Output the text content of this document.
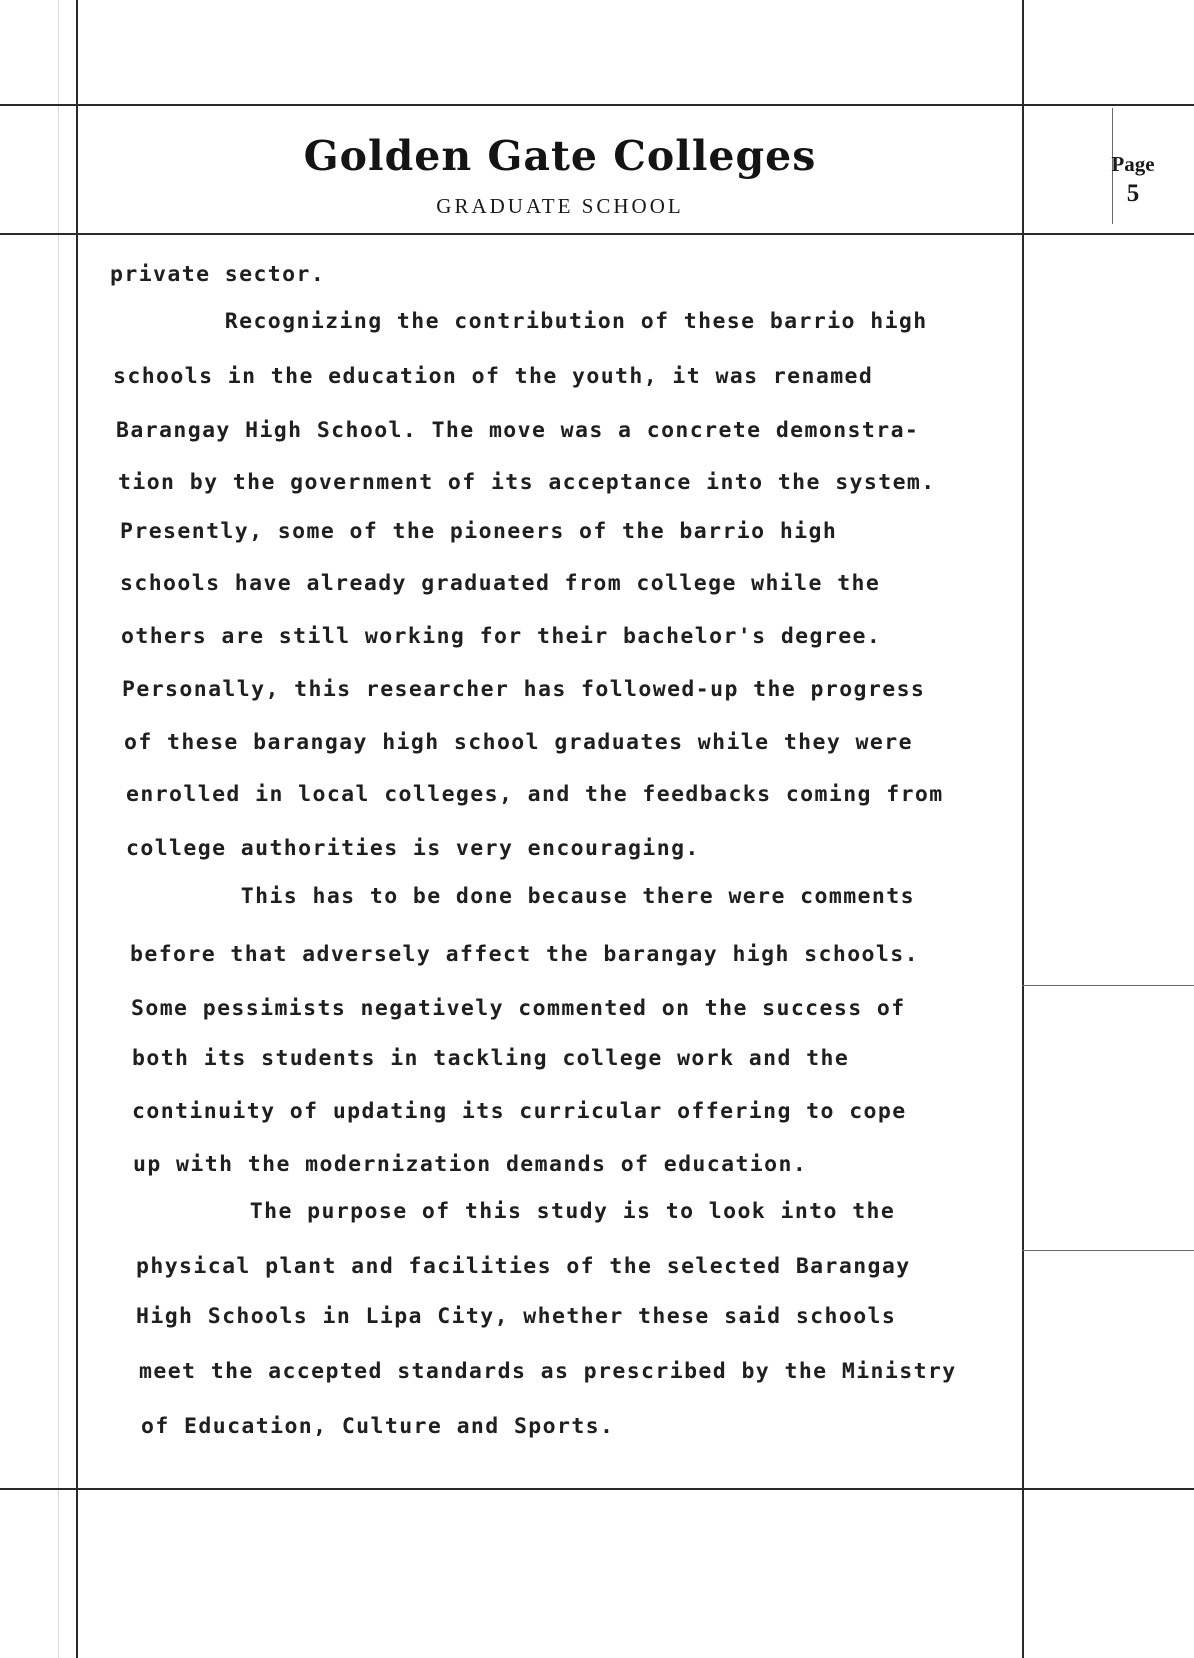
Golden Gate Colleges
GRADUATE SCHOOL
Page
5
private sector.
Recognizing the contribution of these barrio high
schools in the education of the youth, it was renamed
Barangay High School. The move was a concrete demonstra-
tion by the government of its acceptance into the system.
Presently, some of the pioneers of the barrio high
schools have already graduated from college while the
others are still working for their bachelor's degree.
Personally, this researcher has followed-up the progress
of these barangay high school graduates while they were
enrolled in local colleges, and the feedbacks coming from
college authorities is very encouraging.
This has to be done because there were comments
before that adversely affect the barangay high schools.
Some pessimists negatively commented on the success of
both its students in tackling college work and the
continuity of updating its curricular offering to cope
up with the modernization demands of education.
The purpose of this study is to look into the
physical plant and facilities of the selected Barangay
High Schools in Lipa City, whether these said schools
meet the accepted standards as prescribed by the Ministry
of Education, Culture and Sports.
